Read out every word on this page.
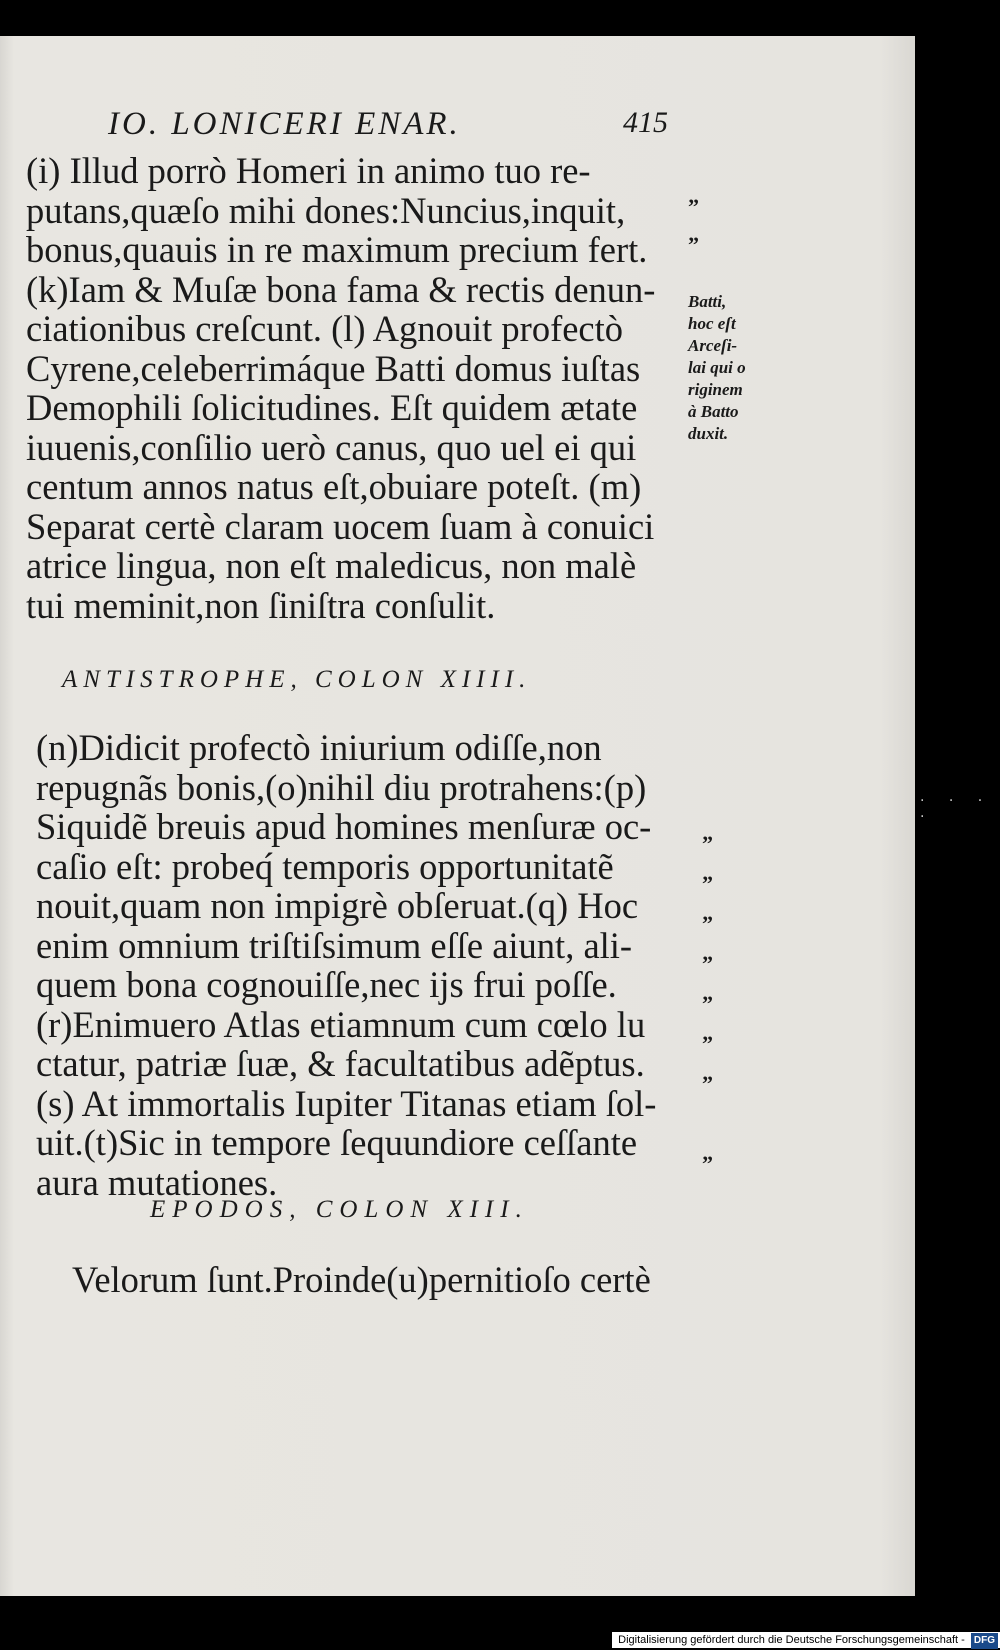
IO. LONICERI ENAR.	415
(i) Illud porrò Homeri in animo tuo re-
putans,quæſo mihi dones:Nuncius,inquit,
bonus,quauis in re maximum precium fert.
(k)Iam & Muſæ bona fama & rectis denun-
ciationibus creſcunt. (l) Agnouit profectò
Cyrene,celeberrimáque Batti domus iuſtas
Demophili ſolicitudines. Eſt quidem ætate
iuuenis,conſilio uerò canus, quo uel ei qui
centum annos natus eſt,obuiare poteſt. (m)
Separat certè claram uocem ſuam à conuici
atrice lingua, non eſt maledicus, non malè
tui meminit,non ſiniſtra conſulit.
Batti,
hoc eſt
Arceſi-
lai qui o
riginem
à Batto
duxit.
”
”
ANTISTROPHE, COLON XIIII.
(n)Didicit profectò iniurium odiſſe,non
repugnãs bonis,(o)nihil diu protrahens:(p)
Siquidẽ breuis apud homines menſuræ oc-
caſio eſt: probeq́ temporis opportunitatẽ
nouit,quam non impigrè obſeruat.(q) Hoc
enim omnium triſtiſsimum eſſe aiunt, ali-
quem bona cognouiſſe,nec ijs frui poſſe.
(r)Enimuero Atlas etiamnum cum cœlo lu
ctatur, patriæ ſuæ, & facultatibus adẽptus.
(s) At immortalis Iupiter Titanas etiam ſol-
uit.(t)Sic in tempore ſequundiore ceſſante
aura mutationes.
”
”
”
”
”
”
”
”
EPODOS, COLON XIII.
Velorum ſunt.Proinde(u)pernitioſo certè
· · · ·
Digitalisierung gefördert durch die Deutsche Forschungsgemeinschaft - DFG
